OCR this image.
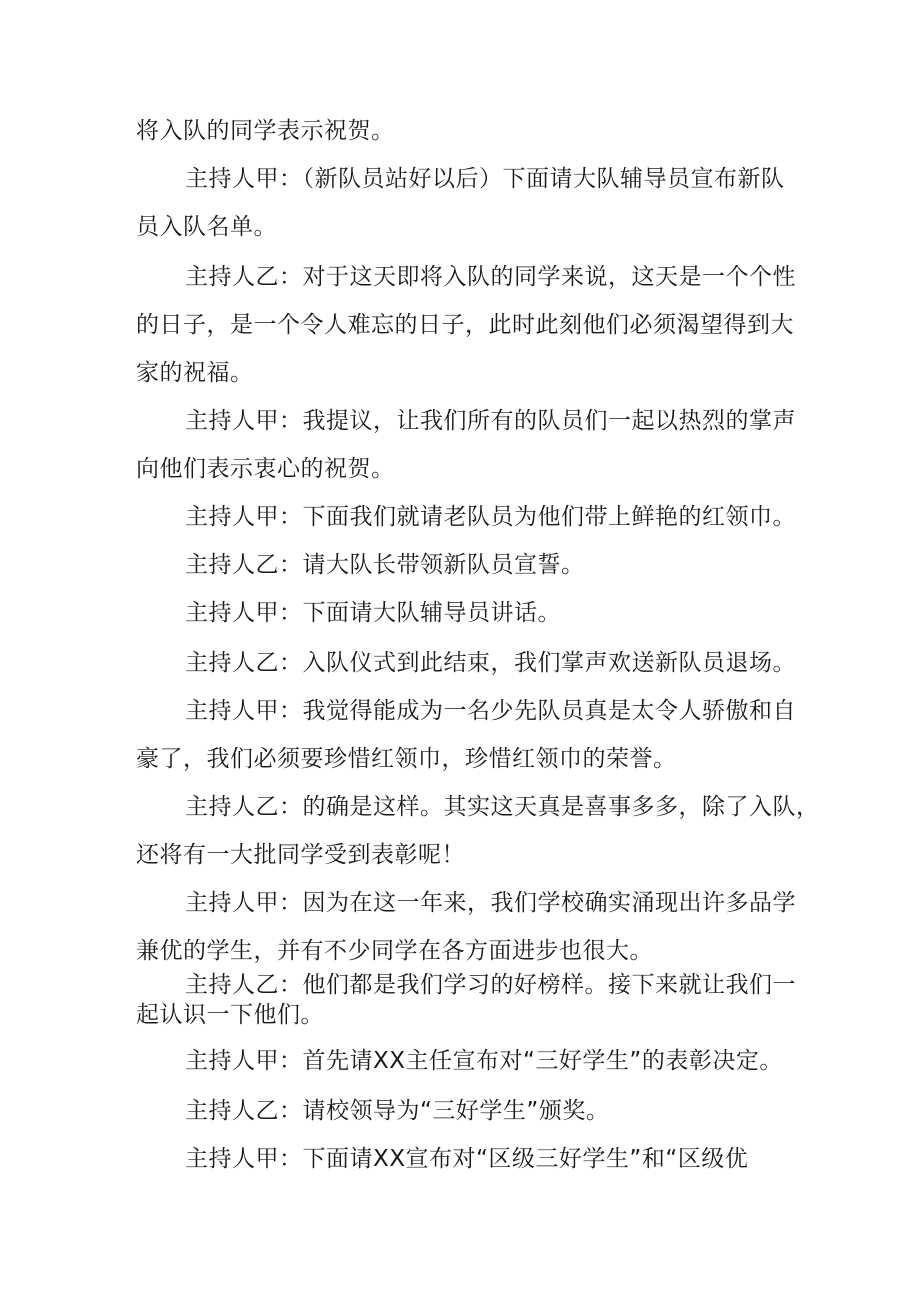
将入队的同学表示祝贺。
主持人甲：（新队员站好以后）下面请大队辅导员宣布新队
员入队名单。
主持人乙：对于这天即将入队的同学来说，这天是一个个性
的日子，是一个令人难忘的日子，此时此刻他们必须渴望得到大
家的祝福。
主持人甲：我提议，让我们所有的队员们一起以热烈的掌声
向他们表示衷心的祝贺。
主持人甲：下面我们就请老队员为他们带上鲜艳的红领巾。
主持人乙：请大队长带领新队员宣誓。
主持人甲：下面请大队辅导员讲话。
主持人乙：入队仪式到此结束，我们掌声欢送新队员退场。
主持人甲：我觉得能成为一名少先队员真是太令人骄傲和自
豪了，我们必须要珍惜红领巾，珍惜红领巾的荣誉。
主持人乙：的确是这样。其实这天真是喜事多多，除了入队，
还将有一大批同学受到表彰呢！
主持人甲：因为在这一年来，我们学校确实涌现出许多品学
兼优的学生，并有不少同学在各方面进步也很大。
主持人乙：他们都是我们学习的好榜样。接下来就让我们一
起认识一下他们。
主持人甲：首先请XX主任宣布对“三好学生”的表彰决定。
主持人乙：请校领导为“三好学生”颁奖。
主持人甲：下面请XX宣布对“区级三好学生”和“区级优
